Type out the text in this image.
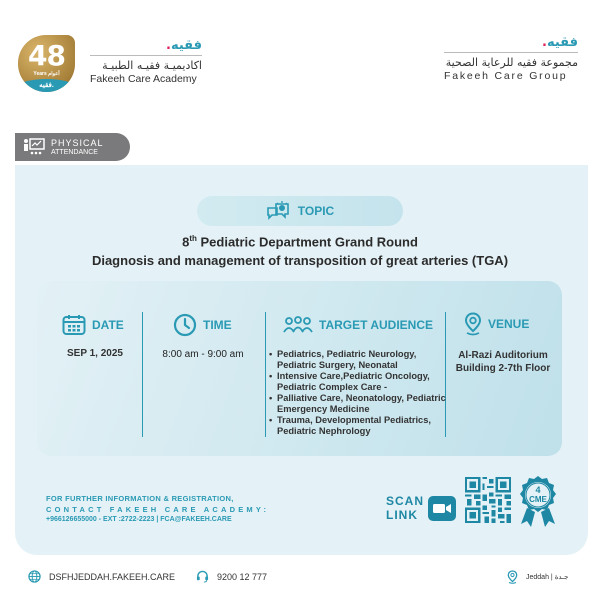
48
Years أعوام
فقيه.
.فقيه
اكاديميـة فقيـه الطبيـة
Fakeeh Care Academy
.فقيه
مجموعة فقيه للرعاية الصحية
Fakeeh Care Group
PHYSICAL
ATTENDANCE
TOPIC
8th Pediatric Department Grand Round
Diagnosis and management of transposition of great arteries (TGA)
DATE
SEP 1, 2025
TIME
8:00 am - 9:00 am
TARGET AUDIENCE
• Pediatrics, Pediatric Neurology, Pediatric Surgery, Neonatal
• Intensive Care,Pediatric Oncology, Pediatric Complex Care -
• Palliative Care, Neonatology, Pediatric Emergency Medicine
• Trauma, Developmental Pediatrics, Pediatric Nephrology
VENUE
Al-Razi Auditorium
Building 2-7th Floor
FOR FURTHER INFORMATION & REGISTRATION,
CONTACT FAKEEH CARE ACADEMY:
+966126655000 - EXT :2722-2223 | FCA@FAKEEH.CARE
SCAN
LINK
4
CME
DSFHJEDDAH.FAKEEH.CARE	9200 12 777	Jeddah | جـدة
